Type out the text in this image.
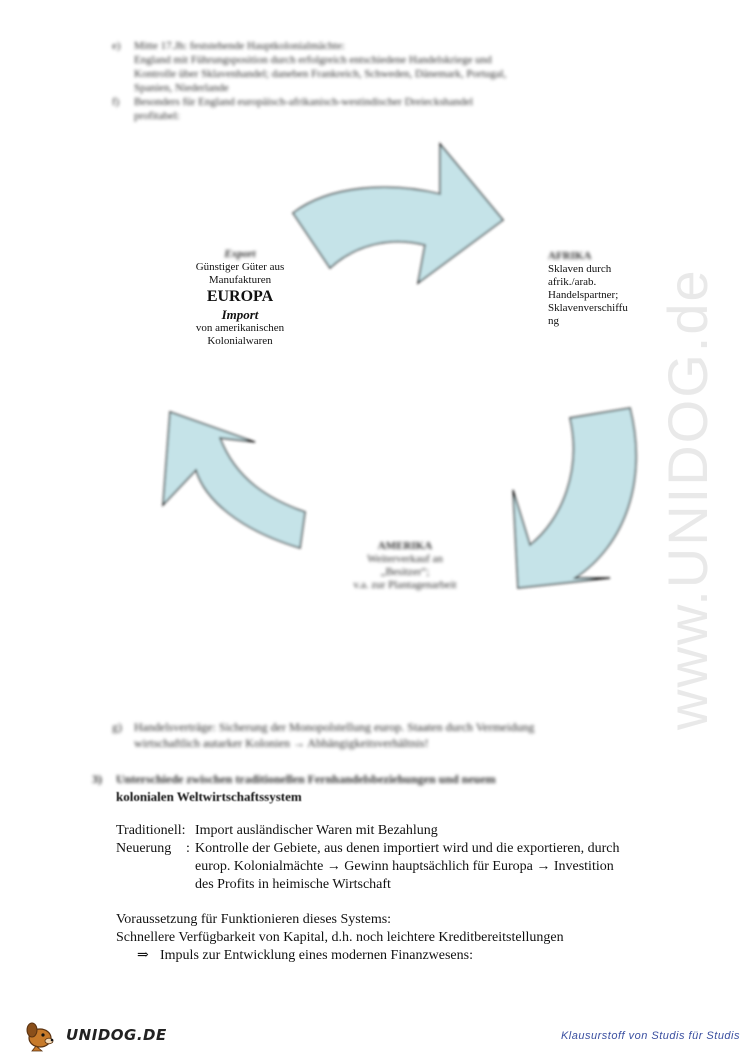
www.UNIDOG.de
e) Mitte 17.Jh: feststehende Hauptkolonialmächte:
England mit Führungsposition durch erfolgreich entschiedene Handelskriege und
Kontrolle über Sklavenhandel; daneben Frankreich, Schweden, Dänemark, Portugal,
Spanien, Niederlande
f) Besonders für England europäisch-afrikanisch-westindischer Dreieckshandel
profitabel:
Export
Günstiger Güter aus
Manufakturen
EUROPA
Import
von amerikanischen
Kolonialwaren
AFRIKA
Sklaven durch
afrik./arab.
Handelspartner;
Sklavenverschiffu
ng
AMERIKA
Weiterverkauf an
„Besitzer“;
v.a. zur Plantagenarbeit
g) Handelsverträge: Sicherung der Monopolstellung europ. Staaten durch Vermeidung
wirtschaftlich autarker Kolonien → Abhängigkeitsverhältnis!
3) Unterschiede zwischen traditionellen Fernhandelsbeziehungen und neuem
kolonialen Weltwirtschaftssystem
Traditionell: Import ausländischer Waren mit Bezahlung
Neuerung : Kontrolle der Gebiete, aus denen importiert wird und die exportieren, durch
europ. Kolonialmächte → Gewinn hauptsächlich für Europa → Investition
des Profits in heimische Wirtschaft
Voraussetzung für Funktionieren dieses Systems:
Schnellere Verfügbarkeit von Kapital, d.h. noch leichtere Kreditbereitstellungen
⇒ Impuls zur Entwicklung eines modernen Finanzwesens:
UNIDOG.DE	Klausurstoff von Studis für Studis
